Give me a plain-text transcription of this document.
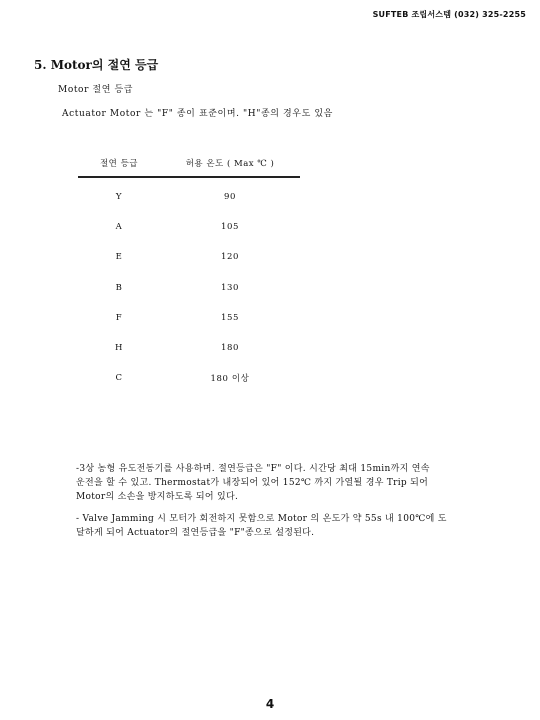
SUFTEB 조립서스템 (032) 325-2255
5. Motor의 절연 등급
Motor 절연 등급
Actuator Motor 는 "F" 종이 표준이며. "H"종의 경우도 있음
절연 등급	허용 온도 ( Max ℃ )
Y	90
A	105
E	120
B	130
F	155
H	180
C	180 이상
-3상 농형 유도전동기를 사용하며. 절연등급은 "F" 이다. 시간당 최대 15min까지 연속
운전을 할 수 있고. Thermostat가 내장되어 있어 152℃ 까지 가열될 경우 Trip 되어
Motor의 소손을 방지하도록 되어 있다.
- Valve Jamming 시 모터가 회전하지 못함으로 Motor 의 온도가 약 55s 내 100℃에 도
달하게 되어 Actuator의 절연등급을 "F"종으로 설정된다.
4
